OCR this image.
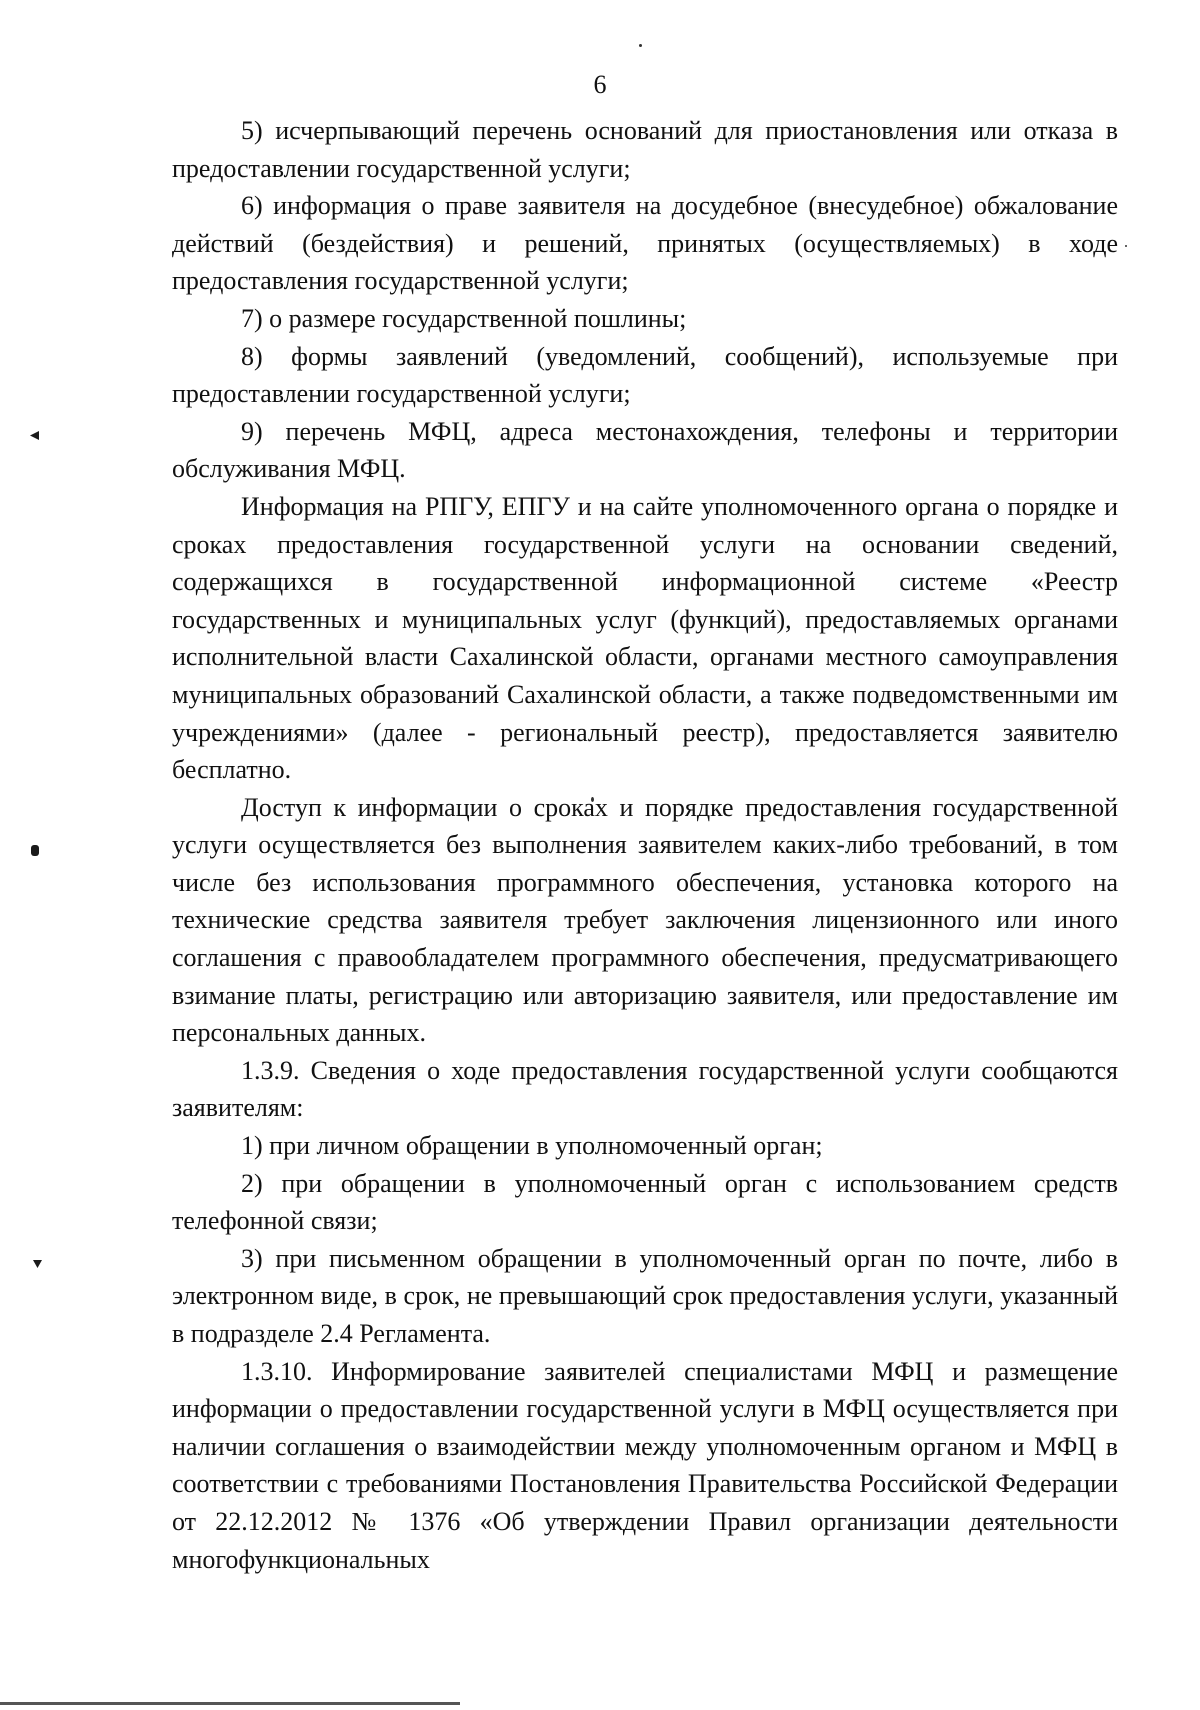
6

5) исчерпывающий перечень оснований для приостановления или отказа в предоставлении государственной услуги;

6) информация о праве заявителя на досудебное (внесудебное) обжалование действий (бездействия) и решений, принятых (осуществляемых) в ходе предоставления государственной услуги;

7) о размере государственной пошлины;

8) формы заявлений (уведомлений, сообщений), используемые при предоставлении государственной услуги;

9) перечень МФЦ, адреса местонахождения, телефоны и территории обслуживания МФЦ.

Информация на РПГУ, ЕПГУ и на сайте уполномоченного органа о порядке и сроках предоставления государственной услуги на основании сведений, содержащихся в государственной информационной системе «Реестр государственных и муниципальных услуг (функций), предоставляемых органами исполнительной власти Сахалинской области, органами местного самоуправления муниципальных образований Сахалинской области, а также подведомственными им учреждениями» (далее - региональный реестр), предоставляется заявителю бесплатно.

Доступ к информации о сроках и порядке предоставления государственной услуги осуществляется без выполнения заявителем каких-либо требований, в том числе без использования программного обеспечения, установка которого на технические средства заявителя требует заключения лицензионного или иного соглашения с правообладателем программного обеспечения, предусматривающего взимание платы, регистрацию или авторизацию заявителя, или предоставление им персональных данных.

1.3.9. Сведения о ходе предоставления государственной услуги сообщаются заявителям:

1) при личном обращении в уполномоченный орган;

2) при обращении в уполномоченный орган с использованием средств телефонной связи;

3) при письменном обращении в уполномоченный орган по почте, либо в электронном виде, в срок, не превышающий срок предоставления услуги, указанный в подразделе 2.4 Регламента.

1.3.10. Информирование заявителей специалистами МФЦ и размещение информации о предоставлении государственной услуги в МФЦ осуществляется при наличии соглашения о взаимодействии между уполномоченным органом и МФЦ в соответствии с требованиями Постановления Правительства Российской Федерации от 22.12.2012 № 1376 «Об утверждении Правил организации деятельности многофункциональных
